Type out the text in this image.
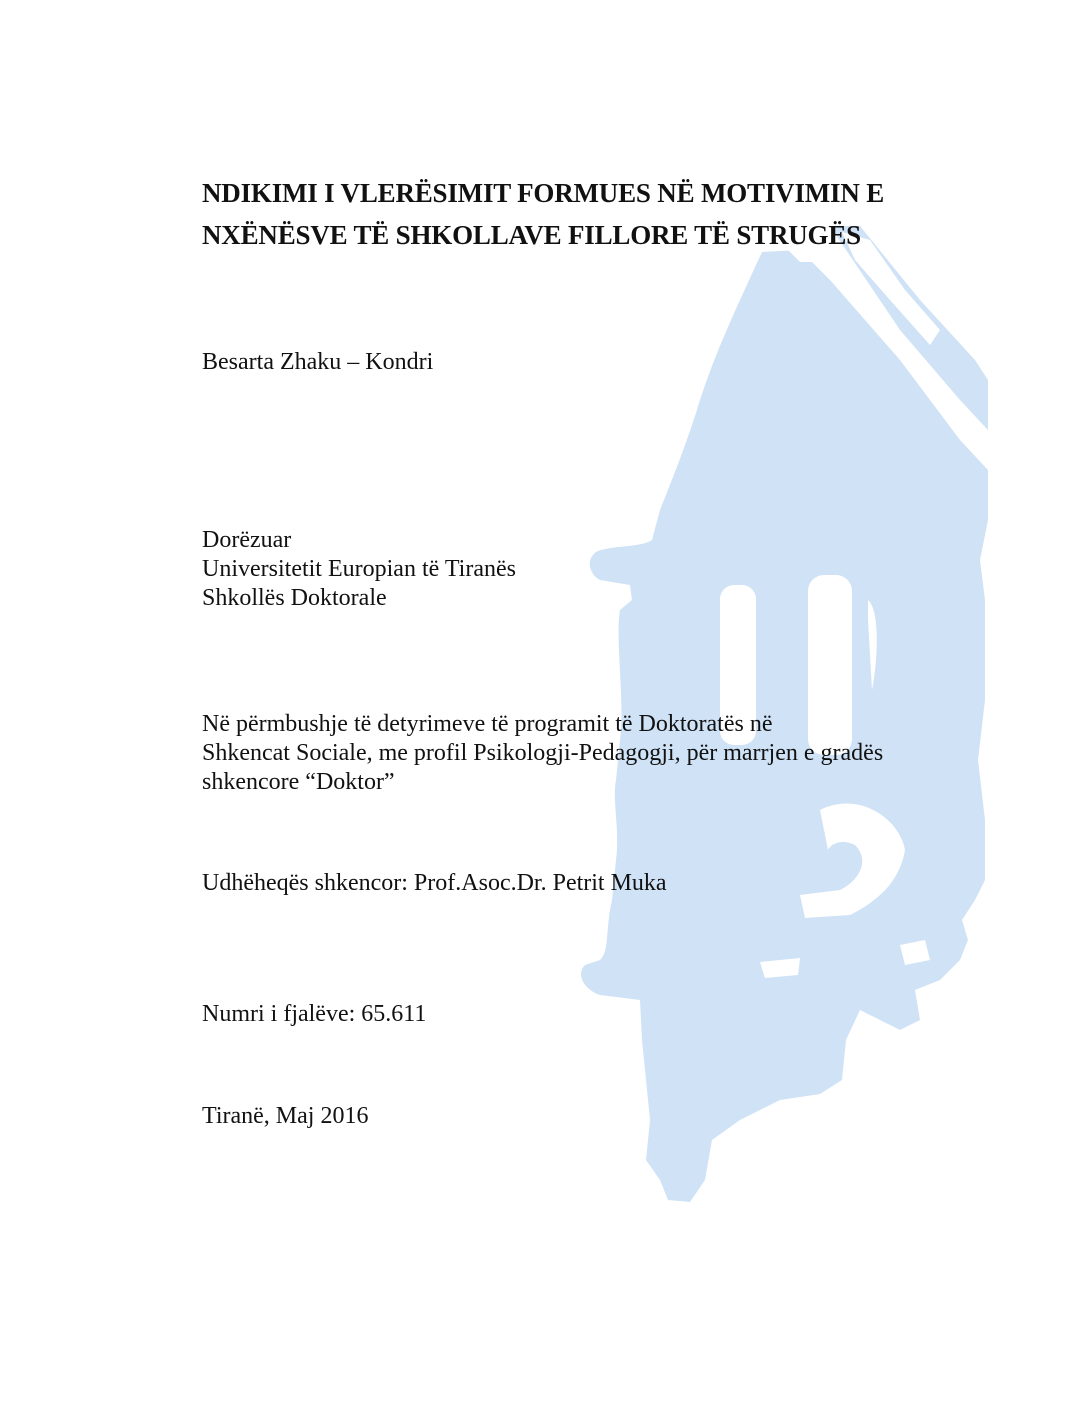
NDIKIMI I VLERËSIMIT FORMUES NË MOTIVIMIN E
NXËNËSVE TË SHKOLLAVE FILLORE TË STRUGËS

Besarta Zhaku – Kondri

Dorëzuar
Universitetit Europian të Tiranës
Shkollës Doktorale

Në përmbushje të detyrimeve të programit të Doktoratës në
Shkencat Sociale, me profil Psikologji-Pedagogji, për marrjen e gradës
shkencore “Doktor”

Udhëheqës shkencor: Prof.Asoc.Dr. Petrit Muka

Numri i fjalëve: 65.611

Tiranë, Maj 2016
